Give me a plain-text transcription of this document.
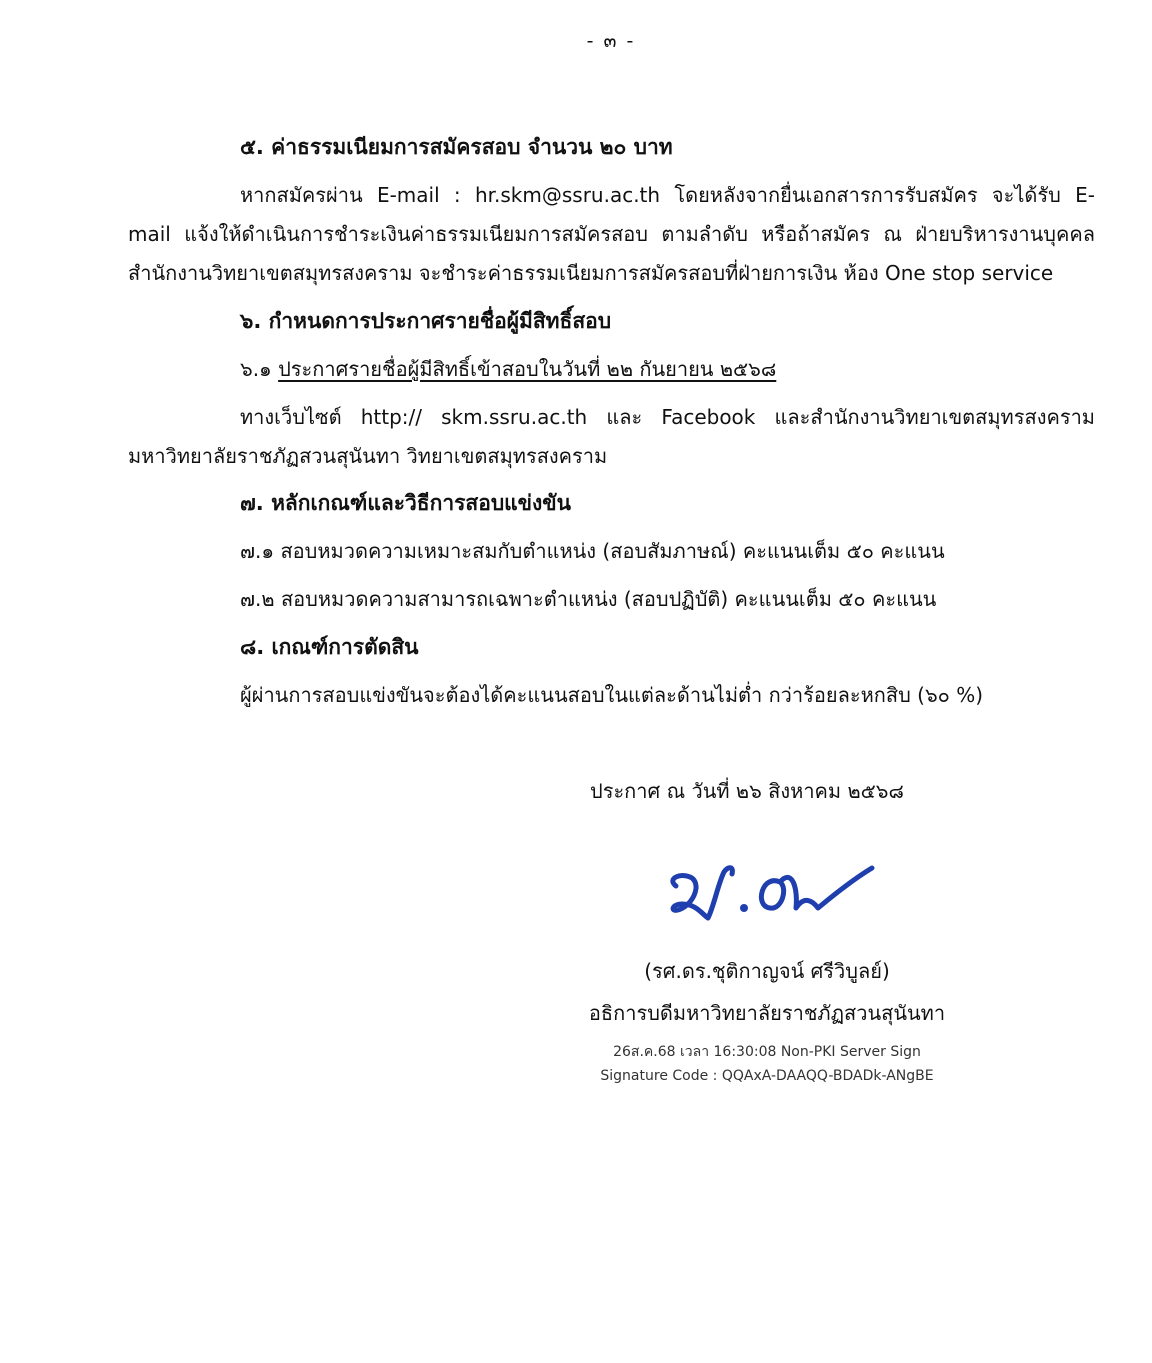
- ๓ -
๕. ค่าธรรมเนียมการสมัครสอบ จำนวน ๒๐ บาท
หากสมัครผ่าน E-mail : hr.skm@ssru.ac.th โดยหลังจากยื่นเอกสารการรับสมัคร จะได้รับ E-
mail แจ้งให้ดำเนินการชำระเงินค่าธรรมเนียมการสมัครสอบ ตามลำดับ หรือถ้าสมัคร ณ ฝ่ายบริหารงานบุคคล
สำนักงานวิทยาเขตสมุทรสงคราม จะชำระค่าธรรมเนียมการสมัครสอบที่ฝ่ายการเงิน ห้อง One stop service
๖. กำหนดการประกาศรายชื่อผู้มีสิทธิ์สอบ
๖.๑ ประกาศรายชื่อผู้มีสิทธิ์เข้าสอบในวันที่ ๒๒ กันยายน ๒๕๖๘
ทางเว็บไซต์ http:// skm.ssru.ac.th และ Facebook และสำนักงานวิทยาเขตสมุทรสงคราม
มหาวิทยาลัยราชภัฏสวนสุนันทา วิทยาเขตสมุทรสงคราม
๗. หลักเกณฑ์และวิธีการสอบแข่งขัน
๗.๑ สอบหมวดความเหมาะสมกับตำแหน่ง (สอบสัมภาษณ์) คะแนนเต็ม ๕๐ คะแนน
๗.๒ สอบหมวดความสามารถเฉพาะตำแหน่ง (สอบปฏิบัติ) คะแนนเต็ม ๕๐ คะแนน
๘. เกณฑ์การตัดสิน
ผู้ผ่านการสอบแข่งขันจะต้องได้คะแนนสอบในแต่ละด้านไม่ต่ำ กว่าร้อยละหกสิบ (๖๐ %)
ประกาศ ณ วันที่ ๒๖ สิงหาคม ๒๕๖๘
(รศ.ดร.ชุติกาญจน์ ศรีวิบูลย์)
อธิการบดีมหาวิทยาลัยราชภัฏสวนสุนันทา
26ส.ค.68 เวลา 16:30:08 Non-PKI Server Sign
Signature Code : QQAxA-DAAQQ-BDADk-ANgBE
